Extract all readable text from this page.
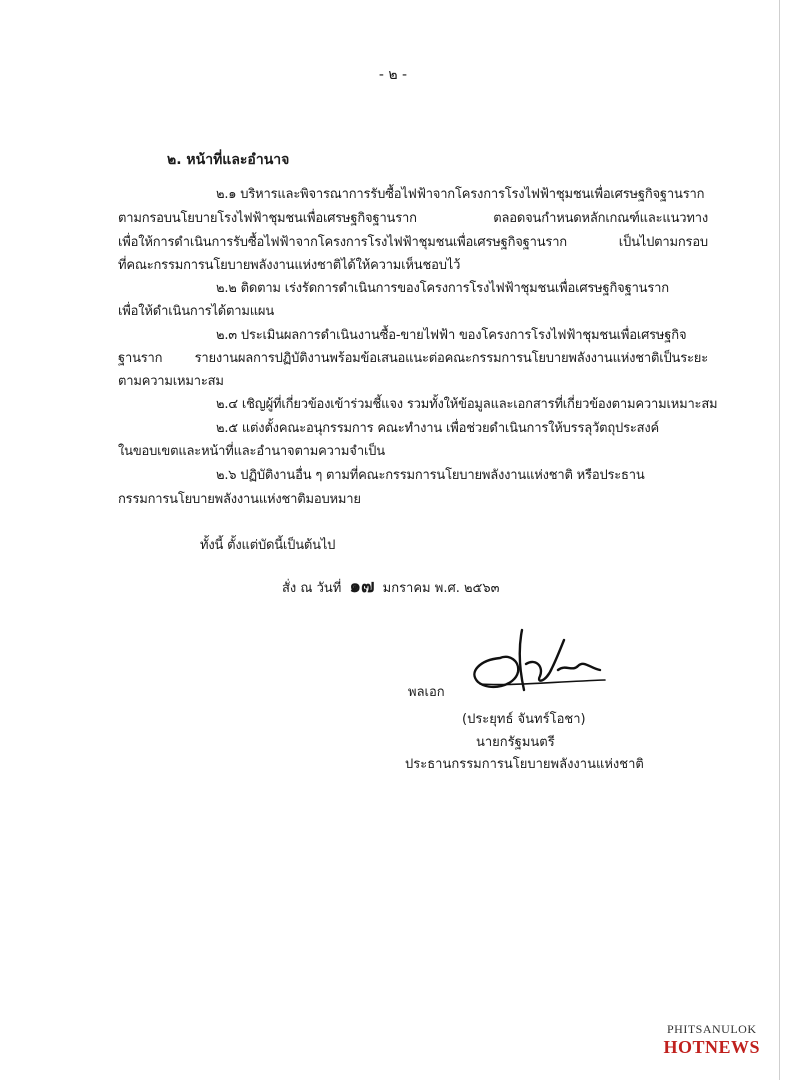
- ๒ -
๒. หน้าที่และอำนาจ
๒.๑ บริหารและพิจารณาการรับซื้อไฟฟ้าจากโครงการโรงไฟฟ้าชุมชนเพื่อเศรษฐกิจฐานราก
ตามกรอบนโยบายโรงไฟฟ้าชุมชนเพื่อเศรษฐกิจฐานราก ตลอดจนกำหนดหลักเกณฑ์และแนวทาง
เพื่อให้การดำเนินการรับซื้อไฟฟ้าจากโครงการโรงไฟฟ้าชุมชนเพื่อเศรษฐกิจฐานราก เป็นไปตามกรอบ
ที่คณะกรรมการนโยบายพลังงานแห่งชาติได้ให้ความเห็นชอบไว้
๒.๒ ติดตาม เร่งรัดการดำเนินการของโครงการโรงไฟฟ้าชุมชนเพื่อเศรษฐกิจฐานราก
เพื่อให้ดำเนินการได้ตามแผน
๒.๓ ประเมินผลการดำเนินงานซื้อ-ขายไฟฟ้า ของโครงการโรงไฟฟ้าชุมชนเพื่อเศรษฐกิจ
ฐานราก รายงานผลการปฏิบัติงานพร้อมข้อเสนอแนะต่อคณะกรรมการนโยบายพลังงานแห่งชาติเป็นระยะ
ตามความเหมาะสม
๒.๔ เชิญผู้ที่เกี่ยวข้องเข้าร่วมชี้แจง รวมทั้งให้ข้อมูลและเอกสารที่เกี่ยวข้องตามความเหมาะสม
๒.๕ แต่งตั้งคณะอนุกรรมการ คณะทำงาน เพื่อช่วยดำเนินการให้บรรลุวัตถุประสงค์
ในขอบเขตและหน้าที่และอำนาจตามความจำเป็น
๒.๖ ปฏิบัติงานอื่น ๆ ตามที่คณะกรรมการนโยบายพลังงานแห่งชาติ หรือประธาน
กรรมการนโยบายพลังงานแห่งชาติมอบหมาย
ทั้งนี้ ตั้งแต่บัดนี้เป็นต้นไป
สั่ง ณ วันที่ ๑๗ มกราคม พ.ศ. ๒๕๖๓
พลเอก
(ประยุทธ์ จันทร์โอชา)
นายกรัฐมนตรี
ประธานกรรมการนโยบายพลังงานแห่งชาติ
PHITSANULOK
HOTNEWS
